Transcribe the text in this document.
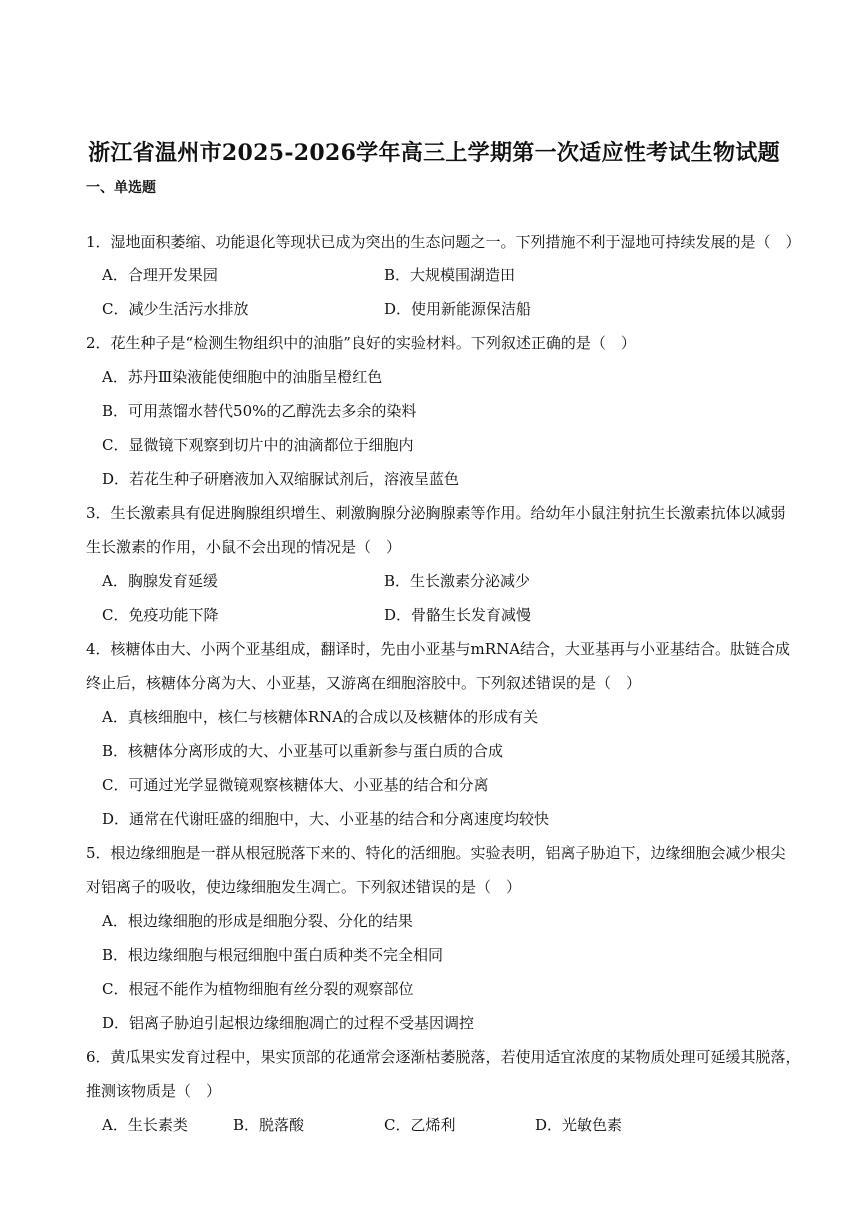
浙江省温州市2025-2026学年高三上学期第一次适应性考试生物试题
一、单选题
1．湿地面积萎缩、功能退化等现状已成为突出的生态问题之一。下列措施不利于湿地可持续发展的是（　）
A．合理开发果园	B．大规模围湖造田
C．减少生活污水排放	D．使用新能源保洁船
2．花生种子是“检测生物组织中的油脂”良好的实验材料。下列叙述正确的是（　）
A．苏丹Ⅲ染液能使细胞中的油脂呈橙红色
B．可用蒸馏水替代50%的乙醇洗去多余的染料
C．显微镜下观察到切片中的油滴都位于细胞内
D．若花生种子研磨液加入双缩脲试剂后，溶液呈蓝色
3．生长激素具有促进胸腺组织增生、刺激胸腺分泌胸腺素等作用。给幼年小鼠注射抗生长激素抗体以减弱
生长激素的作用，小鼠不会出现的情况是（　）
A．胸腺发育延缓	B．生长激素分泌减少
C．免疫功能下降	D．骨骼生长发育减慢
4．核糖体由大、小两个亚基组成，翻译时，先由小亚基与mRNA结合，大亚基再与小亚基结合。肽链合成
终止后，核糖体分离为大、小亚基，又游离在细胞溶胶中。下列叙述错误的是（　）
A．真核细胞中，核仁与核糖体RNA的合成以及核糖体的形成有关
B．核糖体分离形成的大、小亚基可以重新参与蛋白质的合成
C．可通过光学显微镜观察核糖体大、小亚基的结合和分离
D．通常在代谢旺盛的细胞中，大、小亚基的结合和分离速度均较快
5．根边缘细胞是一群从根冠脱落下来的、特化的活细胞。实验表明，铝离子胁迫下，边缘细胞会减少根尖
对铝离子的吸收，使边缘细胞发生凋亡。下列叙述错误的是（　）
A．根边缘细胞的形成是细胞分裂、分化的结果
B．根边缘细胞与根冠细胞中蛋白质种类不完全相同
C．根冠不能作为植物细胞有丝分裂的观察部位
D．铝离子胁迫引起根边缘细胞凋亡的过程不受基因调控
6．黄瓜果实发育过程中，果实顶部的花通常会逐渐枯萎脱落，若使用适宜浓度的某物质处理可延缓其脱落，
推测该物质是（　）
A．生长素类	B．脱落酸	C．乙烯利	D．光敏色素
